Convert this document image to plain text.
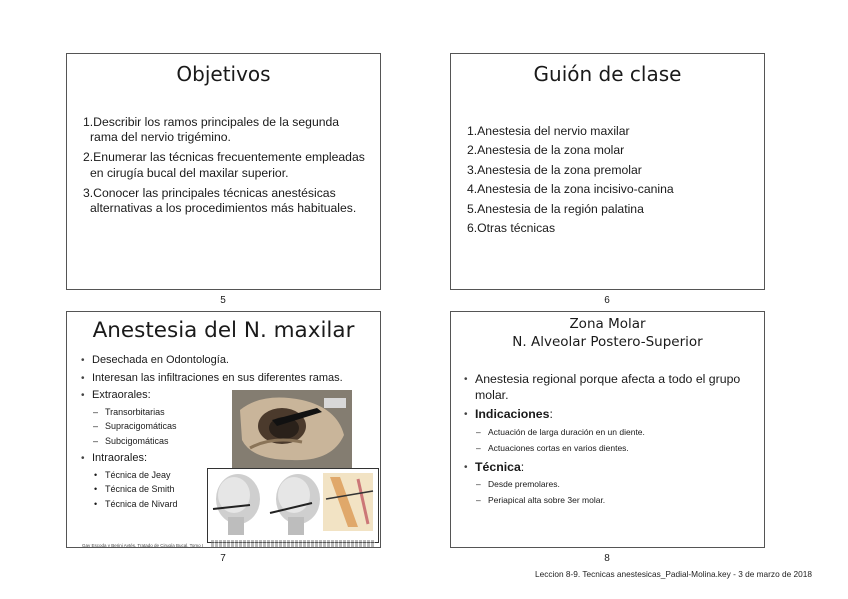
Objetivos
1.Describir los ramos principales de la segunda rama del nervio trigémino.
2.Enumerar las técnicas frecuentemente empleadas en cirugía bucal del maxilar superior.
3.Conocer las principales técnicas anestésicas alternativas a los procedimientos más habituales.
5
Guión de clase
1.Anestesia del nervio maxilar
2.Anestesia de la zona molar
3.Anestesia de la zona premolar
4.Anestesia de la zona incisivo-canina
5.Anestesia de la región palatina
6.Otras técnicas
6
Anestesia del N. maxilar
• Desechada en Odontología.
• Interesan las infiltraciones en sus diferentes ramas.
• Extraorales:
– Transorbitarias
– Supracigomáticas
– Subcigomáticas
• Intraorales:
• Técnica de Jeay
• Técnica de Smith
• Técnica de Nivard
Gay Escoda y Berini Aytés. Tratado de Cirugía Bucal. Tomo I
7
Zona Molar
N. Alveolar Postero-Superior
• Anestesia regional porque afecta a todo el grupo molar.
• Indicaciones:
– Actuación de larga duración en un diente.
– Actuaciones cortas en varios dientes.
• Técnica:
– Desde premolares.
– Periapical alta sobre 3er molar.
8
Leccion 8-9. Tecnicas anestesicas_Padial-Molina.key - 3 de marzo de 2018
